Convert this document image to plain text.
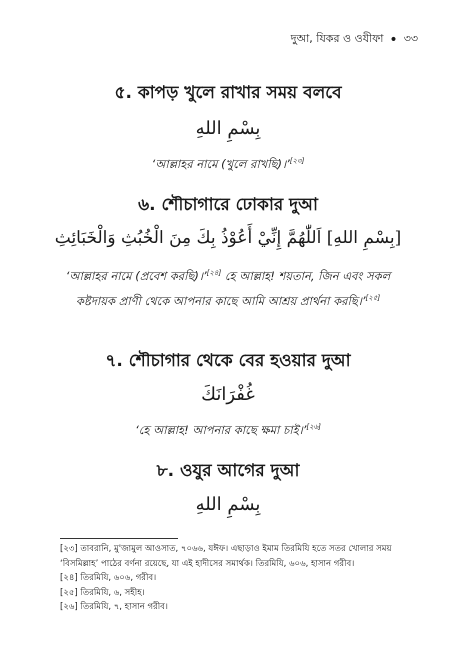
দুআ, যিকর ও ওযীফা • ৩৩
৫. কাপড় খুলে রাখার সময় বলবে
بِسْمِ اللهِ
‘আল্লাহর নামে (খুলে রাখছি)।’[২৩]
৬. শৌচাগারে ঢোকার দুআ
[بِسْمِ اللهِ] اَللّٰهُمَّ إِنِّيْ أَعُوْذُ بِكَ مِنَ الْخُبُثِ وَالْخَبَائِثِ
‘আল্লাহর নামে (প্রবেশ করছি)।’[২৪] হে আল্লাহ! শয়তান, জিন এবং সকল কষ্টদায়ক প্রাণী থেকে আপনার কাছে আমি আশ্রয় প্রার্থনা করছি।’[২৫]
৭. শৌচাগার থেকে বের হওয়ার দুআ
غُفْرَانَكَ
‘হে আল্লাহ! আপনার কাছে ক্ষমা চাই।’[২৬]
৮. ওযুর আগের দুআ
بِسْمِ اللهِ
[২৩] তাবরানি, মু'জামুল আওসাত, ৭০৬৬, যঈফ। এছাড়াও ইমাম তিরমিযি হতে সতর খোলার সময় ‘বিসমিল্লাহ’ পাঠের বর্ণনা রয়েছে, যা এই হাদীসের সমার্থক। তিরমিযি, ৬০৬, হাসান গরীব।
[২৪] তিরমিযি, ৬০৬, গরীব।
[২৫] তিরমিযি, ৬, সহীহ।
[২৬] তিরমিযি, ৭, হাসান গরীব।
